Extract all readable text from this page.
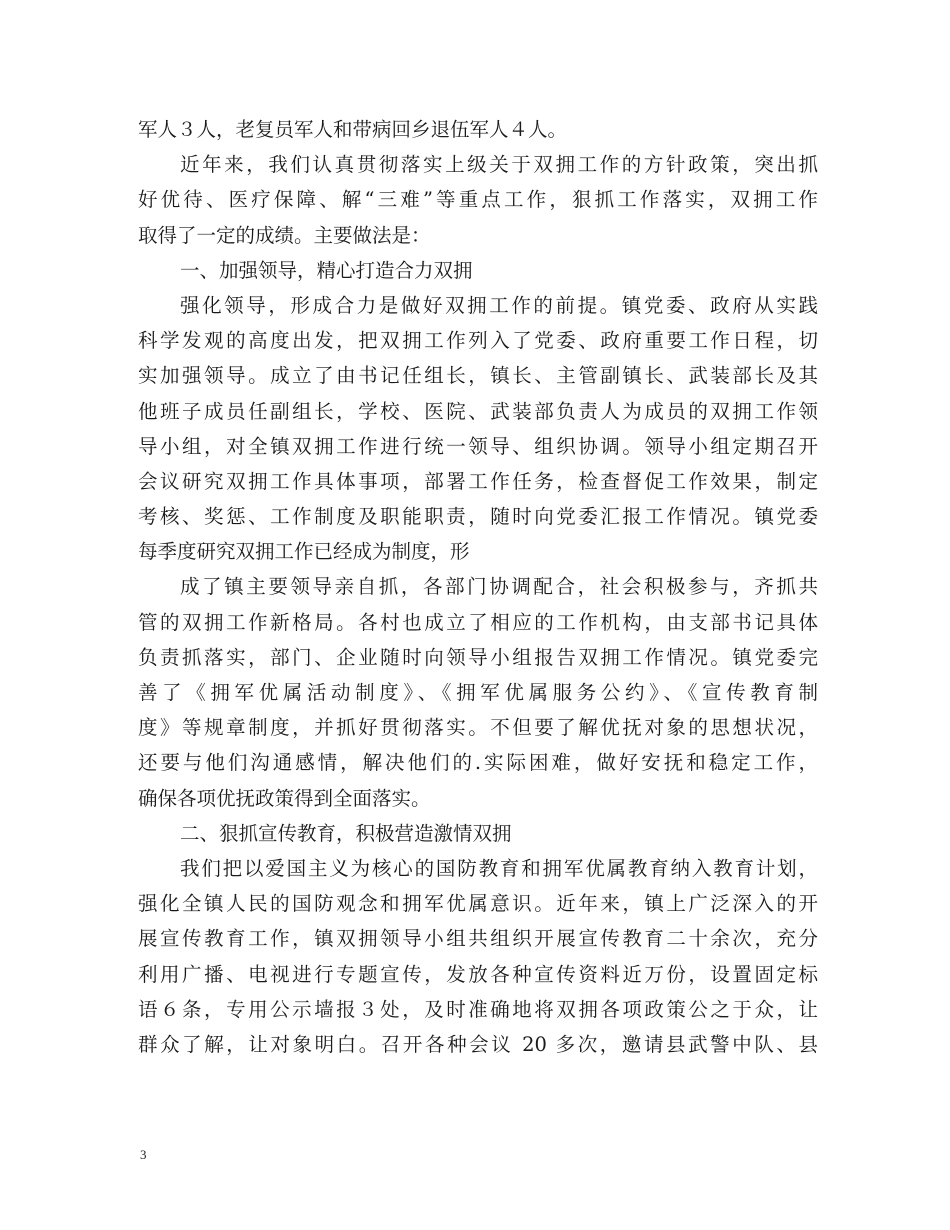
军人３人，老复员军人和带病回乡退伍军人４人。
近年来，我们认真贯彻落实上级关于双拥工作的方针政策，突出抓
好优待、医疗保障、解“三难”等重点工作，狠抓工作落实，双拥工作
取得了一定的成绩。主要做法是：
一、加强领导，精心打造合力双拥
强化领导，形成合力是做好双拥工作的前提。镇党委、政府从实践
科学发观的高度出发，把双拥工作列入了党委、政府重要工作日程，切
实加强领导。成立了由书记任组长，镇长、主管副镇长、武装部长及其
他班子成员任副组长，学校、医院、武装部负责人为成员的双拥工作领
导小组，对全镇双拥工作进行统一领导、组织协调。领导小组定期召开
会议研究双拥工作具体事项，部署工作任务，检查督促工作效果，制定
考核、奖惩、工作制度及职能职责，随时向党委汇报工作情况。镇党委
每季度研究双拥工作已经成为制度，形
成了镇主要领导亲自抓，各部门协调配合，社会积极参与，齐抓共
管的双拥工作新格局。各村也成立了相应的工作机构，由支部书记具体
负责抓落实，部门、企业随时向领导小组报告双拥工作情况。镇党委完
善了《拥军优属活动制度》、《拥军优属服务公约》、《宣传教育制
度》等规章制度，并抓好贯彻落实。不但要了解优抚对象的思想状况，
还要与他们沟通感情，解决他们的.实际困难，做好安抚和稳定工作，
确保各项优抚政策得到全面落实。
二、狠抓宣传教育，积极营造激情双拥
我们把以爱国主义为核心的国防教育和拥军优属教育纳入教育计划，
强化全镇人民的国防观念和拥军优属意识。近年来，镇上广泛深入的开
展宣传教育工作，镇双拥领导小组共组织开展宣传教育二十余次，充分
利用广播、电视进行专题宣传，发放各种宣传资料近万份，设置固定标
语６条，专用公示墙报３处，及时准确地将双拥各项政策公之于众，让
群众了解，让对象明白。召开各种会议 20 多次，邀请县武警中队、县
3
